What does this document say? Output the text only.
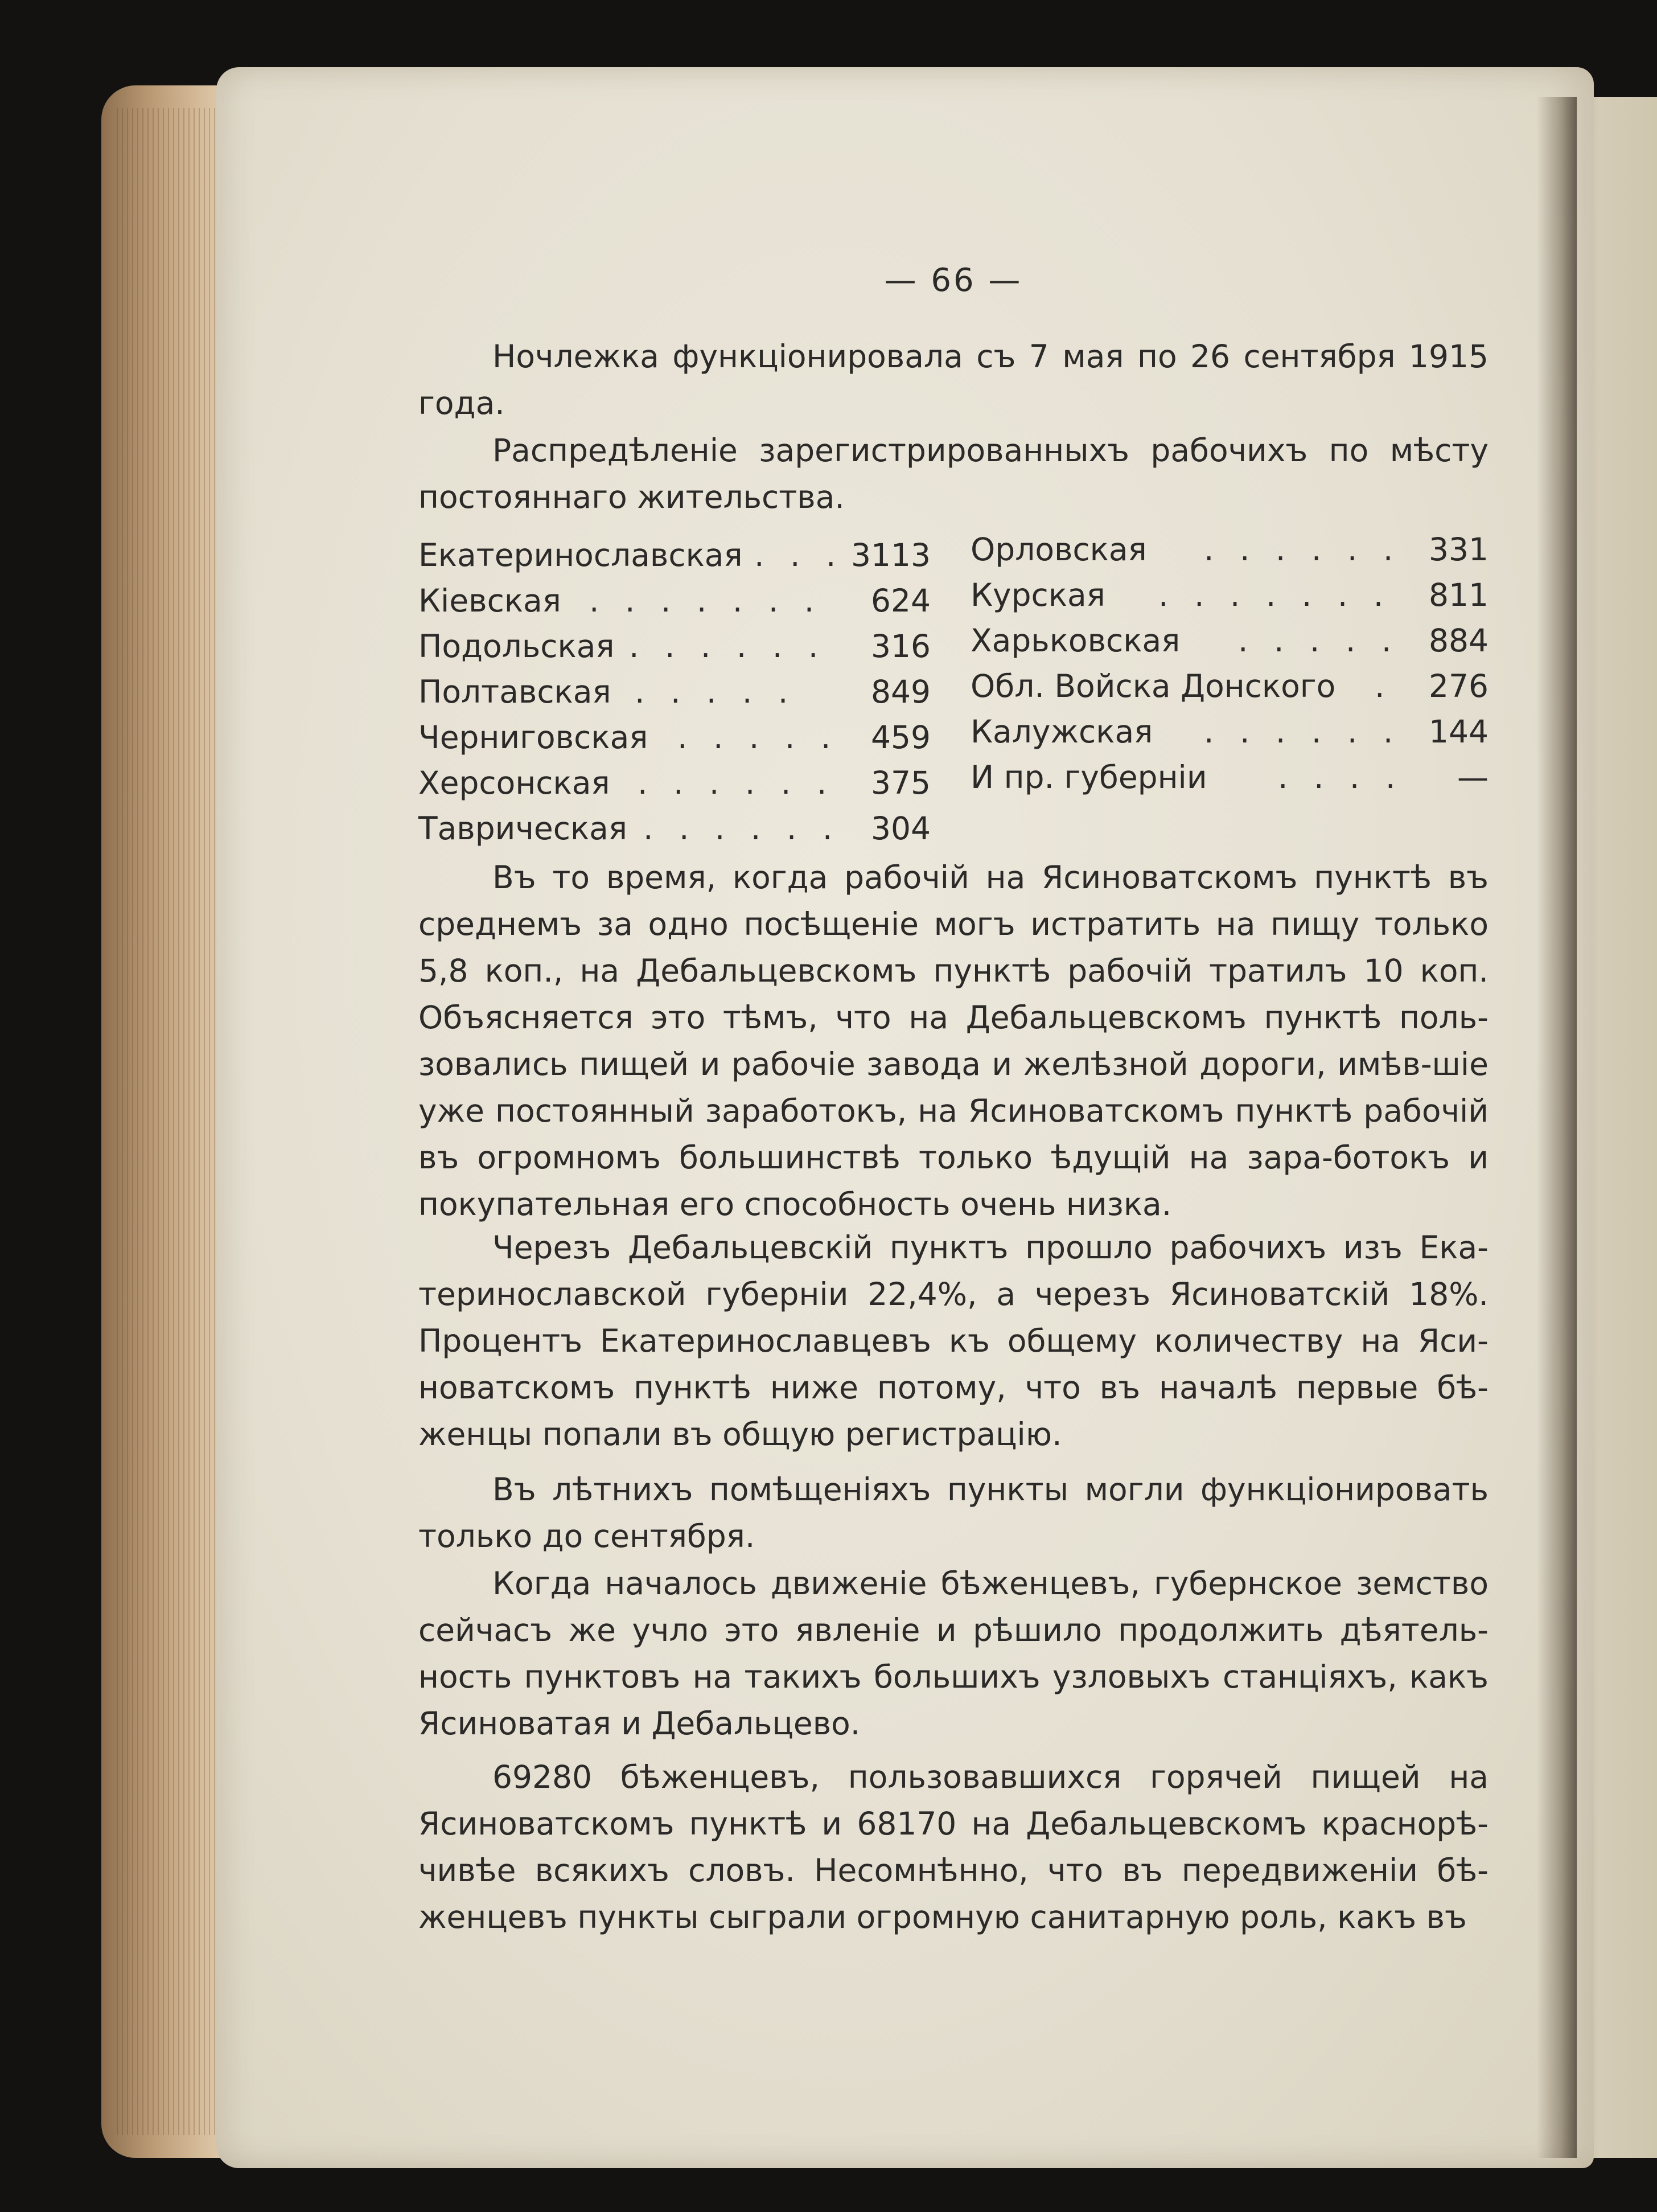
— 66 —

Ночлежка функціонировала съ 7 мая по 26 сентября 1915 года.

Распредѣленіе зарегистрированныхъ рабочихъ по мѣсту постояннаго жительства.

Екатеринославская . . . 3113
Кіевская . . . . . . . 624
Подольская . . . . . . 316
Полтавская . . . . . 849
Черниговская . . . . . 459
Херсонская . . . . . . 375
Таврическая . . . . . . 304
Орловская . . . . . . 331
Курская . . . . . . . 811
Харьковская . . . . . 884
Обл. Войска Донского . 276
Калужская . . . . . . 144
И пр. губерніи . . . . —

Въ то время, когда рабочій на Ясиноватскомъ пунктѣ въ среднемъ за одно посѣщеніе могъ истратить на пищу только 5,8 коп., на Дебальцевскомъ пунктѣ рабочій тратилъ 10 коп. Объясняется это тѣмъ, что на Дебальцевскомъ пунктѣ поль-зовались пищей и рабочіе завода и желѣзной дороги, имѣв-шіе уже постоянный заработокъ, на Ясиноватскомъ пунктѣ рабочій въ огромномъ большинствѣ только ѣдущій на зара-ботокъ и покупательная его способность очень низка.

Черезъ Дебальцевскій пунктъ прошло рабочихъ изъ Ека-теринославской губерніи 22,4%, а черезъ Ясиноватскій 18%. Процентъ Екатеринославцевъ къ общему количеству на Яси-новатскомъ пунктѣ ниже потому, что въ началѣ первые бѣ-женцы попали въ общую регистрацію.

Въ лѣтнихъ помѣщеніяхъ пункты могли функціонировать только до сентября.

Когда началось движеніе бѣженцевъ, губернское земство сейчасъ же учло это явленіе и рѣшило продолжить дѣятель-ность пунктовъ на такихъ большихъ узловыхъ станціяхъ, какъ Ясиноватая и Дебальцево.

69280 бѣженцевъ, пользовавшихся горячей пищей на Ясиноватскомъ пунктѣ и 68170 на Дебальцевскомъ краснорѣ-чивѣе всякихъ словъ. Несомнѣнно, что въ передвиженіи бѣ-женцевъ пункты сыграли огромную санитарную роль, какъ въ
